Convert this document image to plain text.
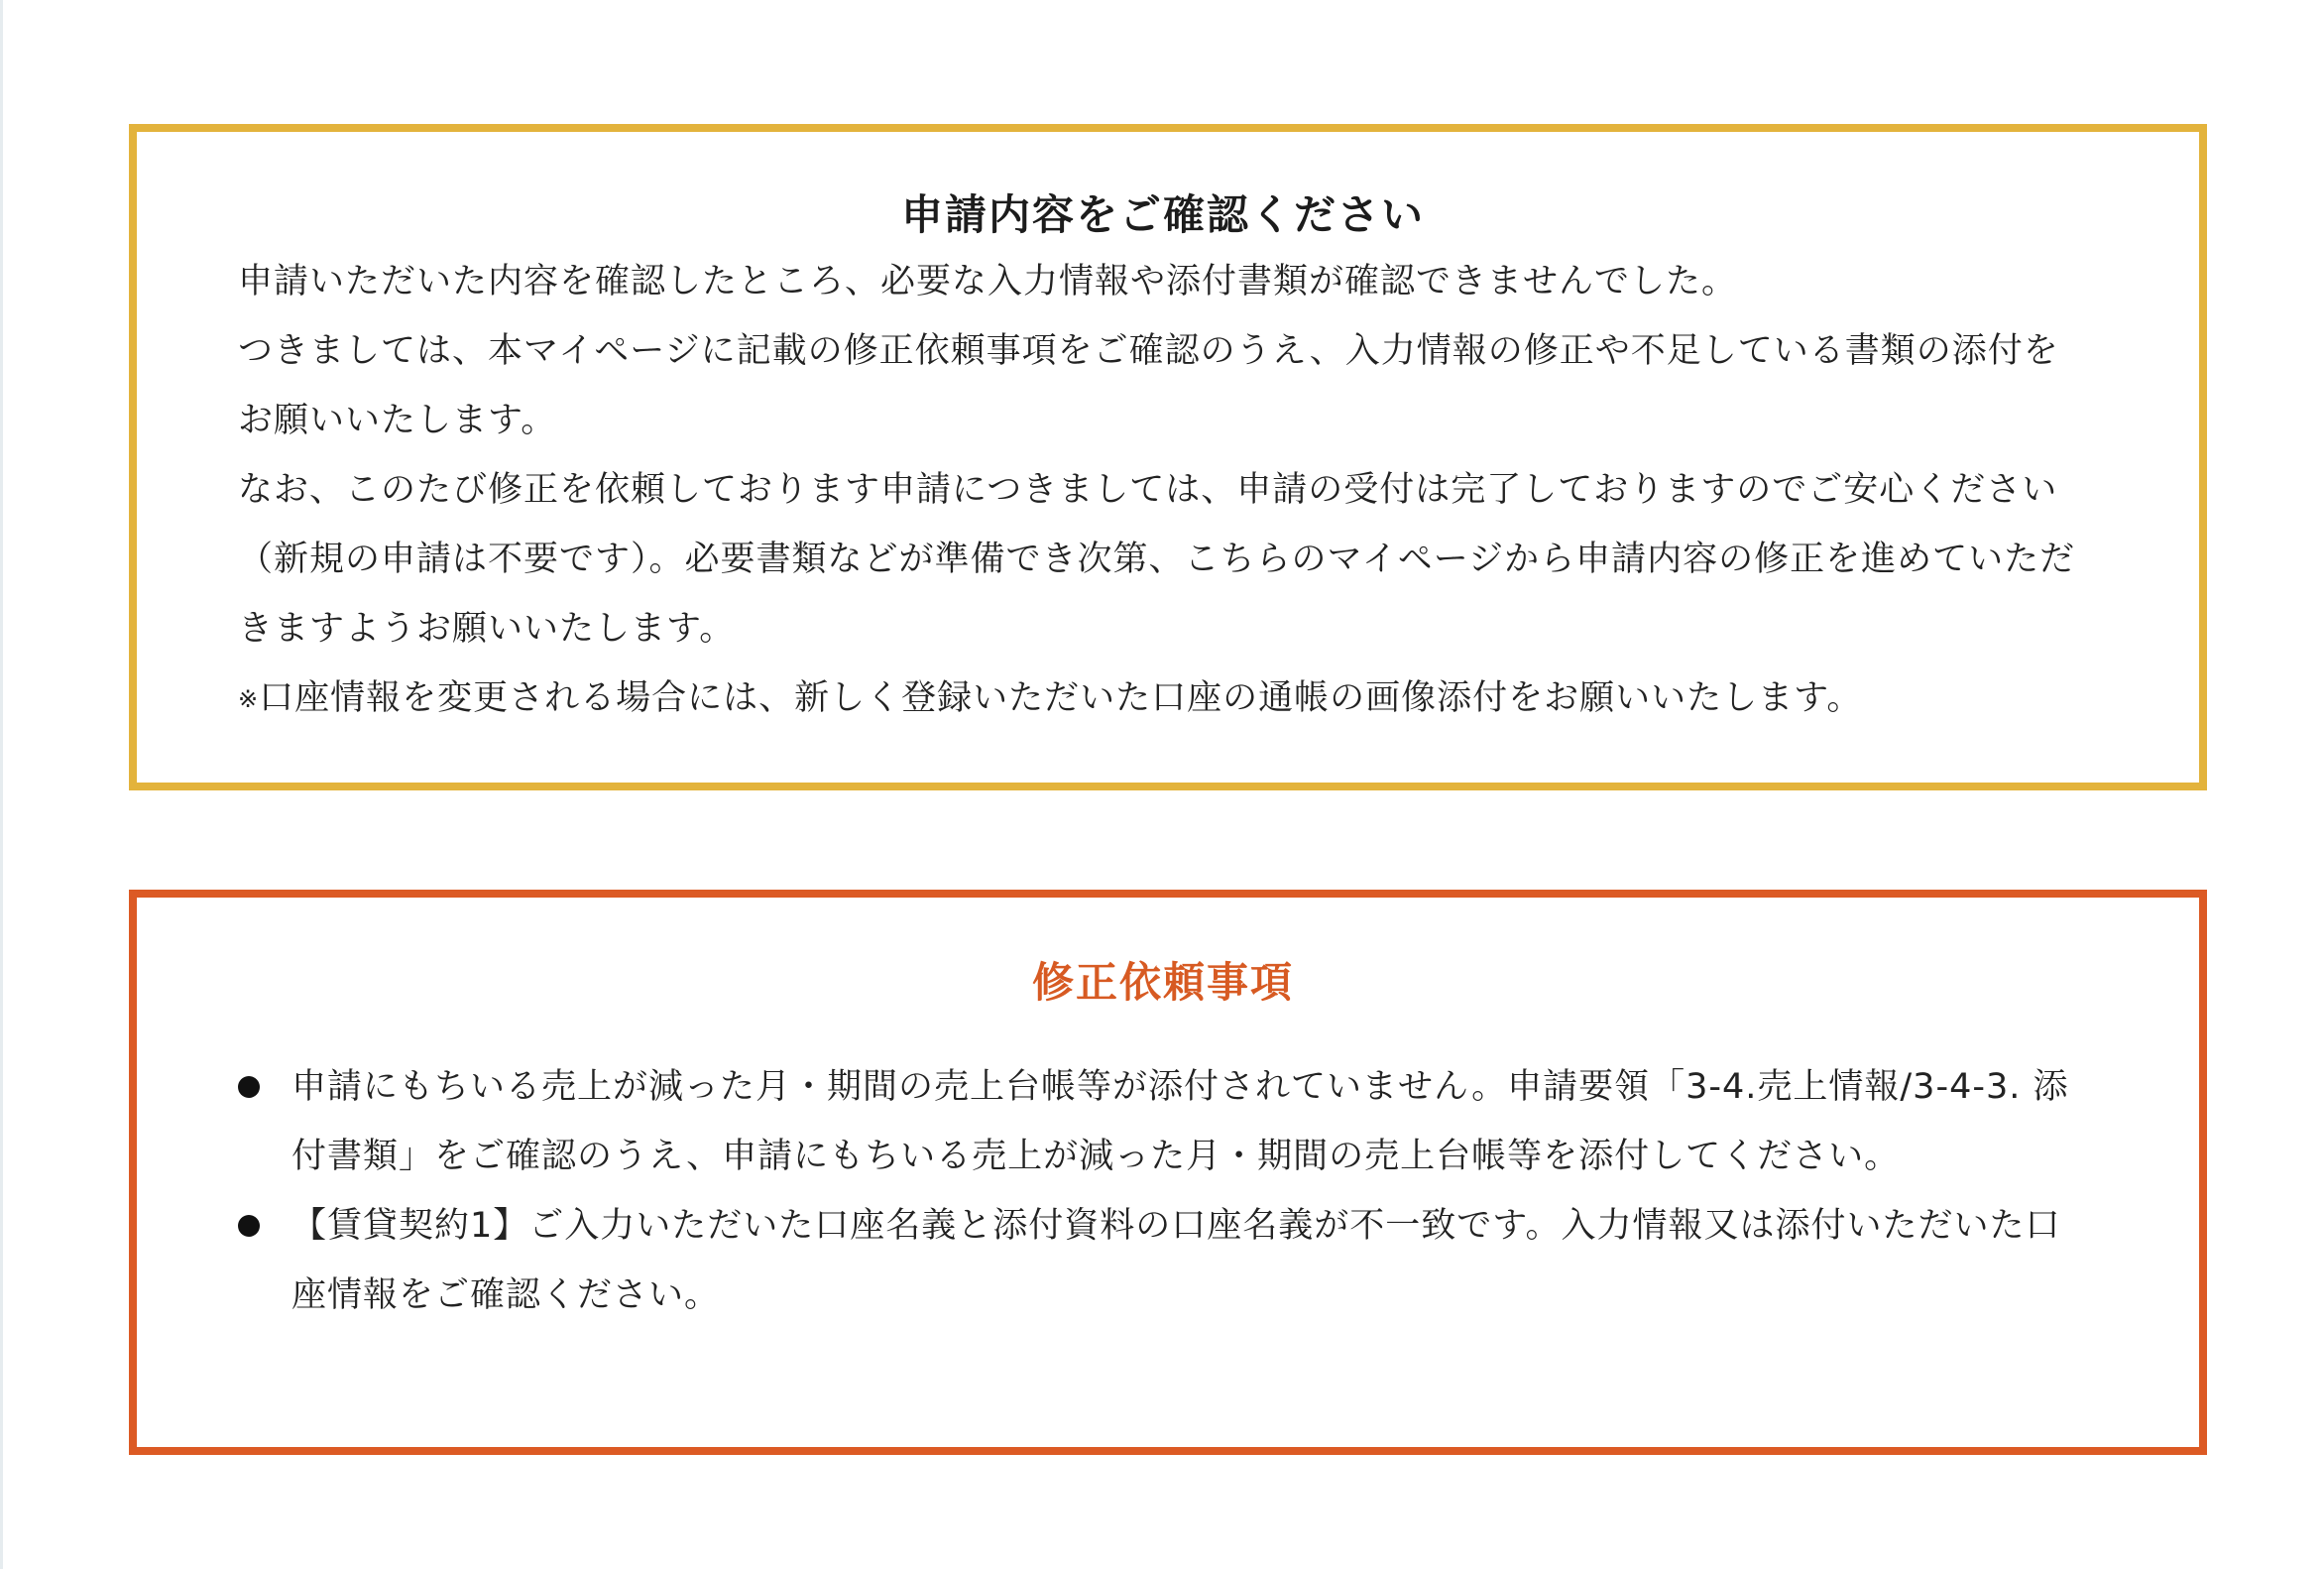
申請内容をご確認ください

申請いただいた内容を確認したところ、必要な入力情報や添付書類が確認できませんでした。

つきましては、本マイページに記載の修正依頼事項をご確認のうえ、入力情報の修正や不足している書類の添付をお願いいたします。

なお、このたび修正を依頼しております申請につきましては、申請の受付は完了しておりますのでご安心ください（新規の申請は不要です）。必要書類などが準備でき次第、こちらのマイページから申請内容の修正を進めていただきますようお願いいたします。

※口座情報を変更される場合には、新しく登録いただいた口座の通帳の画像添付をお願いいたします。

修正依頼事項
申請にもちいる売上が減った月・期間の売上台帳等が添付されていません。申請要領「3-4.売上情報/3-4-3. 添付書類」をご確認のうえ、申請にもちいる売上が減った月・期間の売上台帳等を添付してください。
【賃貸契約1】ご入力いただいた口座名義と添付資料の口座名義が不一致です。入力情報又は添付いただいた口座情報をご確認ください。
